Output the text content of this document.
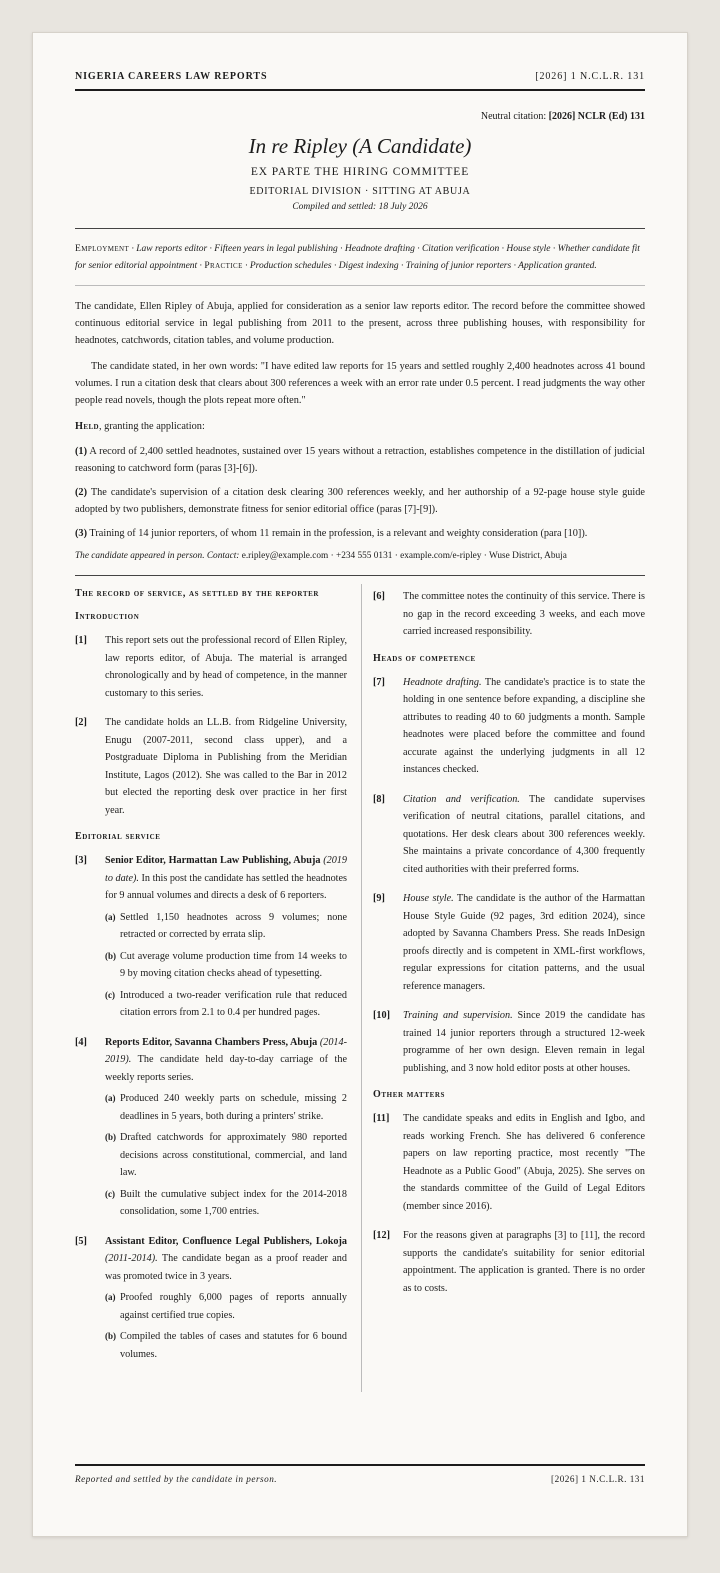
NIGERIA CAREERS LAW REPORTS	[2026] 1 N.C.L.R. 131
Neutral citation: [2026] NCLR (Ed) 131
In re Ripley (A Candidate)
EX PARTE THE HIRING COMMITTEE
EDITORIAL DIVISION · SITTING AT ABUJA
Compiled and settled: 18 July 2026
Employment · Law reports editor · Fifteen years in legal publishing · Headnote drafting · Citation verification · House style · Whether candidate fit for senior editorial appointment · Practice · Production schedules · Digest indexing · Training of junior reporters · Application granted.

The candidate, Ellen Ripley of Abuja, applied for consideration as a senior law reports editor. The record before the committee showed continuous editorial service in legal publishing from 2011 to the present, across three publishing houses, with responsibility for headnotes, catchwords, citation tables, and volume production.

The candidate stated, in her own words: "I have edited law reports for 15 years and settled roughly 2,400 headnotes across 41 bound volumes. I run a citation desk that clears about 300 references a week with an error rate under 0.5 percent. I read judgments the way other people read novels, though the plots repeat more often."

Held, granting the application:
(1) A record of 2,400 settled headnotes, sustained over 15 years without a retraction, establishes competence in the distillation of judicial reasoning to catchword form (paras [3]-[6]).
(2) The candidate's supervision of a citation desk clearing 300 references weekly, and her authorship of a 92-page house style guide adopted by two publishers, demonstrate fitness for senior editorial office (paras [7]-[9]).
(3) Training of 14 junior reporters, of whom 11 remain in the profession, is a relevant and weighty consideration (para [10]).
The candidate appeared in person. Contact: e.ripley@example.com · +234 555 0131 · example.com/e-ripley · Wuse District, Abuja
The record of service, as settled by the reporter
Introduction
[1]	This report sets out the professional record of Ellen Ripley, law reports editor, of Abuja. The material is arranged chronologically and by head of competence, in the manner customary to this series.
[2]	The candidate holds an LL.B. from Ridgeline University, Enugu (2007-2011, second class upper), and a Postgraduate Diploma in Publishing from the Meridian Institute, Lagos (2012). She was called to the Bar in 2012 but elected the reporting desk over practice in her first year.
Editorial service
[3]	Senior Editor, Harmattan Law Publishing, Abuja (2019 to date). In this post the candidate has settled the headnotes for 9 annual volumes and directs a desk of 6 reporters.
(a) Settled 1,150 headnotes across 9 volumes; none retracted or corrected by errata slip.
(b) Cut average volume production time from 14 weeks to 9 by moving citation checks ahead of typesetting.
(c) Introduced a two-reader verification rule that reduced citation errors from 2.1 to 0.4 per hundred pages.
[4]	Reports Editor, Savanna Chambers Press, Abuja (2014-2019). The candidate held day-to-day carriage of the weekly reports series.
(a) Produced 240 weekly parts on schedule, missing 2 deadlines in 5 years, both during a printers' strike.
(b) Drafted catchwords for approximately 980 reported decisions across constitutional, commercial, and land law.
(c) Built the cumulative subject index for the 2014-2018 consolidation, some 1,700 entries.
[5]	Assistant Editor, Confluence Legal Publishers, Lokoja (2011-2014). The candidate began as a proof reader and was promoted twice in 3 years.
(a) Proofed roughly 6,000 pages of reports annually against certified true copies.
(b) Compiled the tables of cases and statutes for 6 bound volumes.
[6]	The committee notes the continuity of this service. There is no gap in the record exceeding 3 weeks, and each move carried increased responsibility.
Heads of competence
[7]	Headnote drafting. The candidate's practice is to state the holding in one sentence before expanding, a discipline she attributes to reading 40 to 60 judgments a month. Sample headnotes were placed before the committee and found accurate against the underlying judgments in all 12 instances checked.
[8]	Citation and verification. The candidate supervises verification of neutral citations, parallel citations, and quotations. Her desk clears about 300 references weekly. She maintains a private concordance of 4,300 frequently cited authorities with their preferred forms.
[9]	House style. The candidate is the author of the Harmattan House Style Guide (92 pages, 3rd edition 2024), since adopted by Savanna Chambers Press. She reads InDesign proofs directly and is competent in XML-first workflows, regular expressions for citation patterns, and the usual reference managers.
[10]	Training and supervision. Since 2019 the candidate has trained 14 junior reporters through a structured 12-week programme of her own design. Eleven remain in legal publishing, and 3 now hold editor posts at other houses.
Other matters
[11]	The candidate speaks and edits in English and Igbo, and reads working French. She has delivered 6 conference papers on law reporting practice, most recently "The Headnote as a Public Good" (Abuja, 2025). She serves on the standards committee of the Guild of Legal Editors (member since 2016).
[12]	For the reasons given at paragraphs [3] to [11], the record supports the candidate's suitability for senior editorial appointment. The application is granted. There is no order as to costs.
Reported and settled by the candidate in person.	[2026] 1 N.C.L.R. 131
